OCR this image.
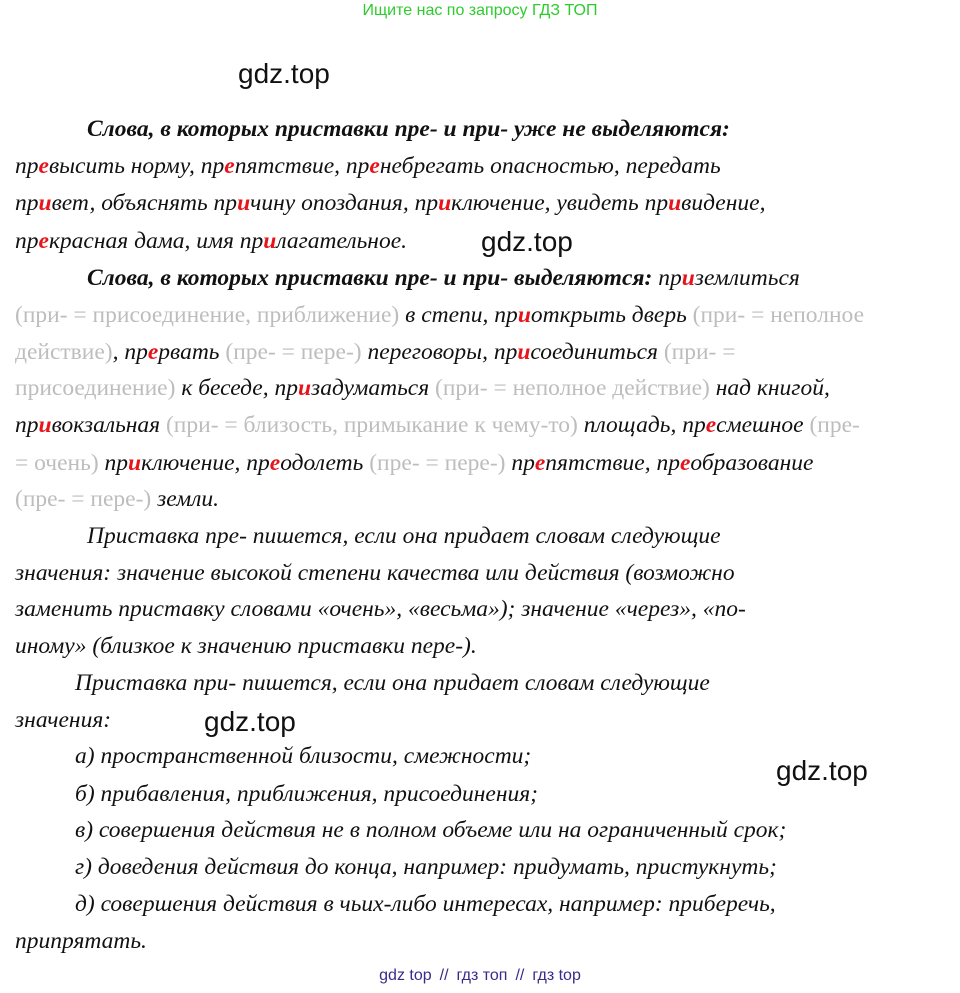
Ищите нас по запросу ГДЗ ТОП
gdz.top
gdz.top
gdz.top
gdz.top
Слова, в которых приставки пре- и при- уже не выделяются:
превысить норму, препятствие, пренебрегать опасностью, передать
привет, объяснять причину опоздания, приключение, увидеть привидение,
прекрасная дама, имя прилагательное.
Слова, в которых приставки пре- и при- выделяются: приземлиться
(при- = присоединение, приближение) в степи, приоткрыть дверь (при- = неполное
действие), прервать (пре- = пере-) переговоры, присоединиться (при- =
присоединение) к беседе, призадуматься (при- = неполное действие) над книгой,
привокзальная (при- = близость, примыкание к чему-то) площадь, пресмешное (пре-
= очень) приключение, преодолеть (пре- = пере-) препятствие, преобразование
(пре- = пере-) земли.
Приставка пре- пишется, если она придает словам следующие
значения: значение высокой степени качества или действия (возможно
заменить приставку словами «очень», «весьма»); значение «через», «по-
иному» (близкое к значению приставки пере-).
Приставка при- пишется, если она придает словам следующие
значения:
а) пространственной близости, смежности;
б) прибавления, приближения, присоединения;
в) совершения действия не в полном объеме или на ограниченный срок;
г) доведения действия до конца, например: придумать, пристукнуть;
д) совершения действия в чьих-либо интересах, например: приберечь,
припрятать.
gdz top // гдз топ // гдз top
